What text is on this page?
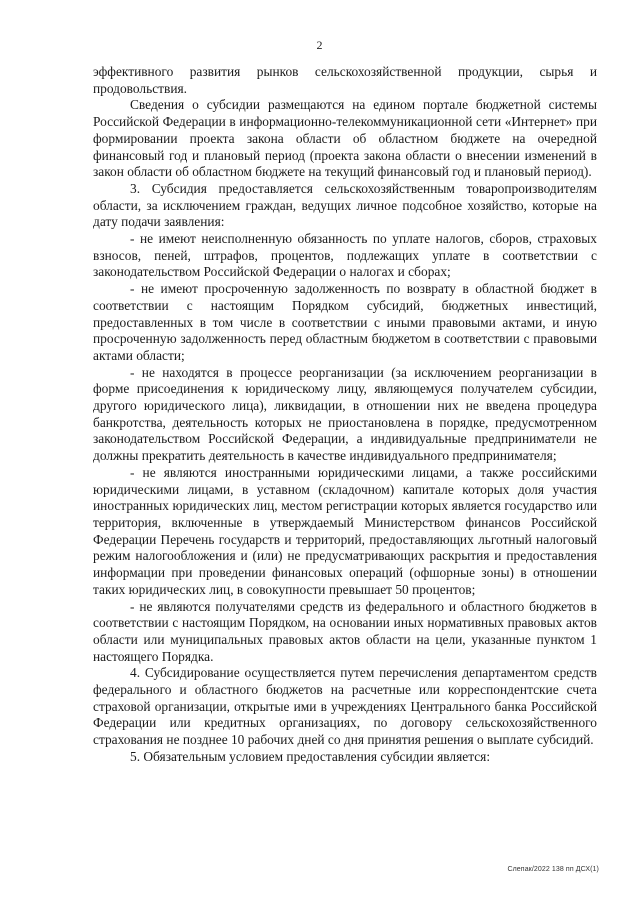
2

эффективного развития рынков сельскохозяйственной продукции, сырья и продовольствия.

Сведения о субсидии размещаются на едином портале бюджетной системы Российской Федерации в информационно-телекоммуникационной сети «Интернет» при формировании проекта закона области об областном бюджете на очередной финансовый год и плановый период (проекта закона области о внесении изменений в закон области об областном бюджете на текущий финансовый год и плановый период).

3. Субсидия предоставляется сельскохозяйственным товаропроизводителям области, за исключением граждан, ведущих личное подсобное хозяйство, которые на дату подачи заявления:

- не имеют неисполненную обязанность по уплате налогов, сборов, страховых взносов, пеней, штрафов, процентов, подлежащих уплате в соответствии с законодательством Российской Федерации о налогах и сборах;

- не имеют просроченную задолженность по возврату в областной бюджет в соответствии с настоящим Порядком субсидий, бюджетных инвестиций, предоставленных в том числе в соответствии с иными правовыми актами, и иную просроченную задолженность перед областным бюджетом в соответствии с правовыми актами области;

- не находятся в процессе реорганизации (за исключением реорганизации в форме присоединения к юридическому лицу, являющемуся получателем субсидии, другого юридического лица), ликвидации, в отношении них не введена процедура банкротства, деятельность которых не приостановлена в порядке, предусмотренном законодательством Российской Федерации, а индивидуальные предприниматели не должны прекратить деятельность в качестве индивидуального предпринимателя;

- не являются иностранными юридическими лицами, а также российскими юридическими лицами, в уставном (складочном) капитале которых доля участия иностранных юридических лиц, местом регистрации которых является государство или территория, включенные в утверждаемый Министерством финансов Российской Федерации Перечень государств и территорий, предоставляющих льготный налоговый режим налогообложения и (или) не предусматривающих раскрытия и предоставления информации при проведении финансовых операций (офшорные зоны) в отношении таких юридических лиц, в совокупности превышает 50 процентов;

- не являются получателями средств из федерального и областного бюджетов в соответствии с настоящим Порядком, на основании иных нормативных правовых актов области или муниципальных правовых актов области на цели, указанные пунктом 1 настоящего Порядка.

4. Субсидирование осуществляется путем перечисления департаментом средств федерального и областного бюджетов на расчетные или корреспондентские счета страховой организации, открытые ими в учреждениях Центрального банка Российской Федерации или кредитных организациях, по договору сельскохозяйственного страхования не позднее 10 рабочих дней со дня принятия решения о выплате субсидий.

5. Обязательным условием предоставления субсидии является:

Слепак/2022 138 пп ДСХ(1)
